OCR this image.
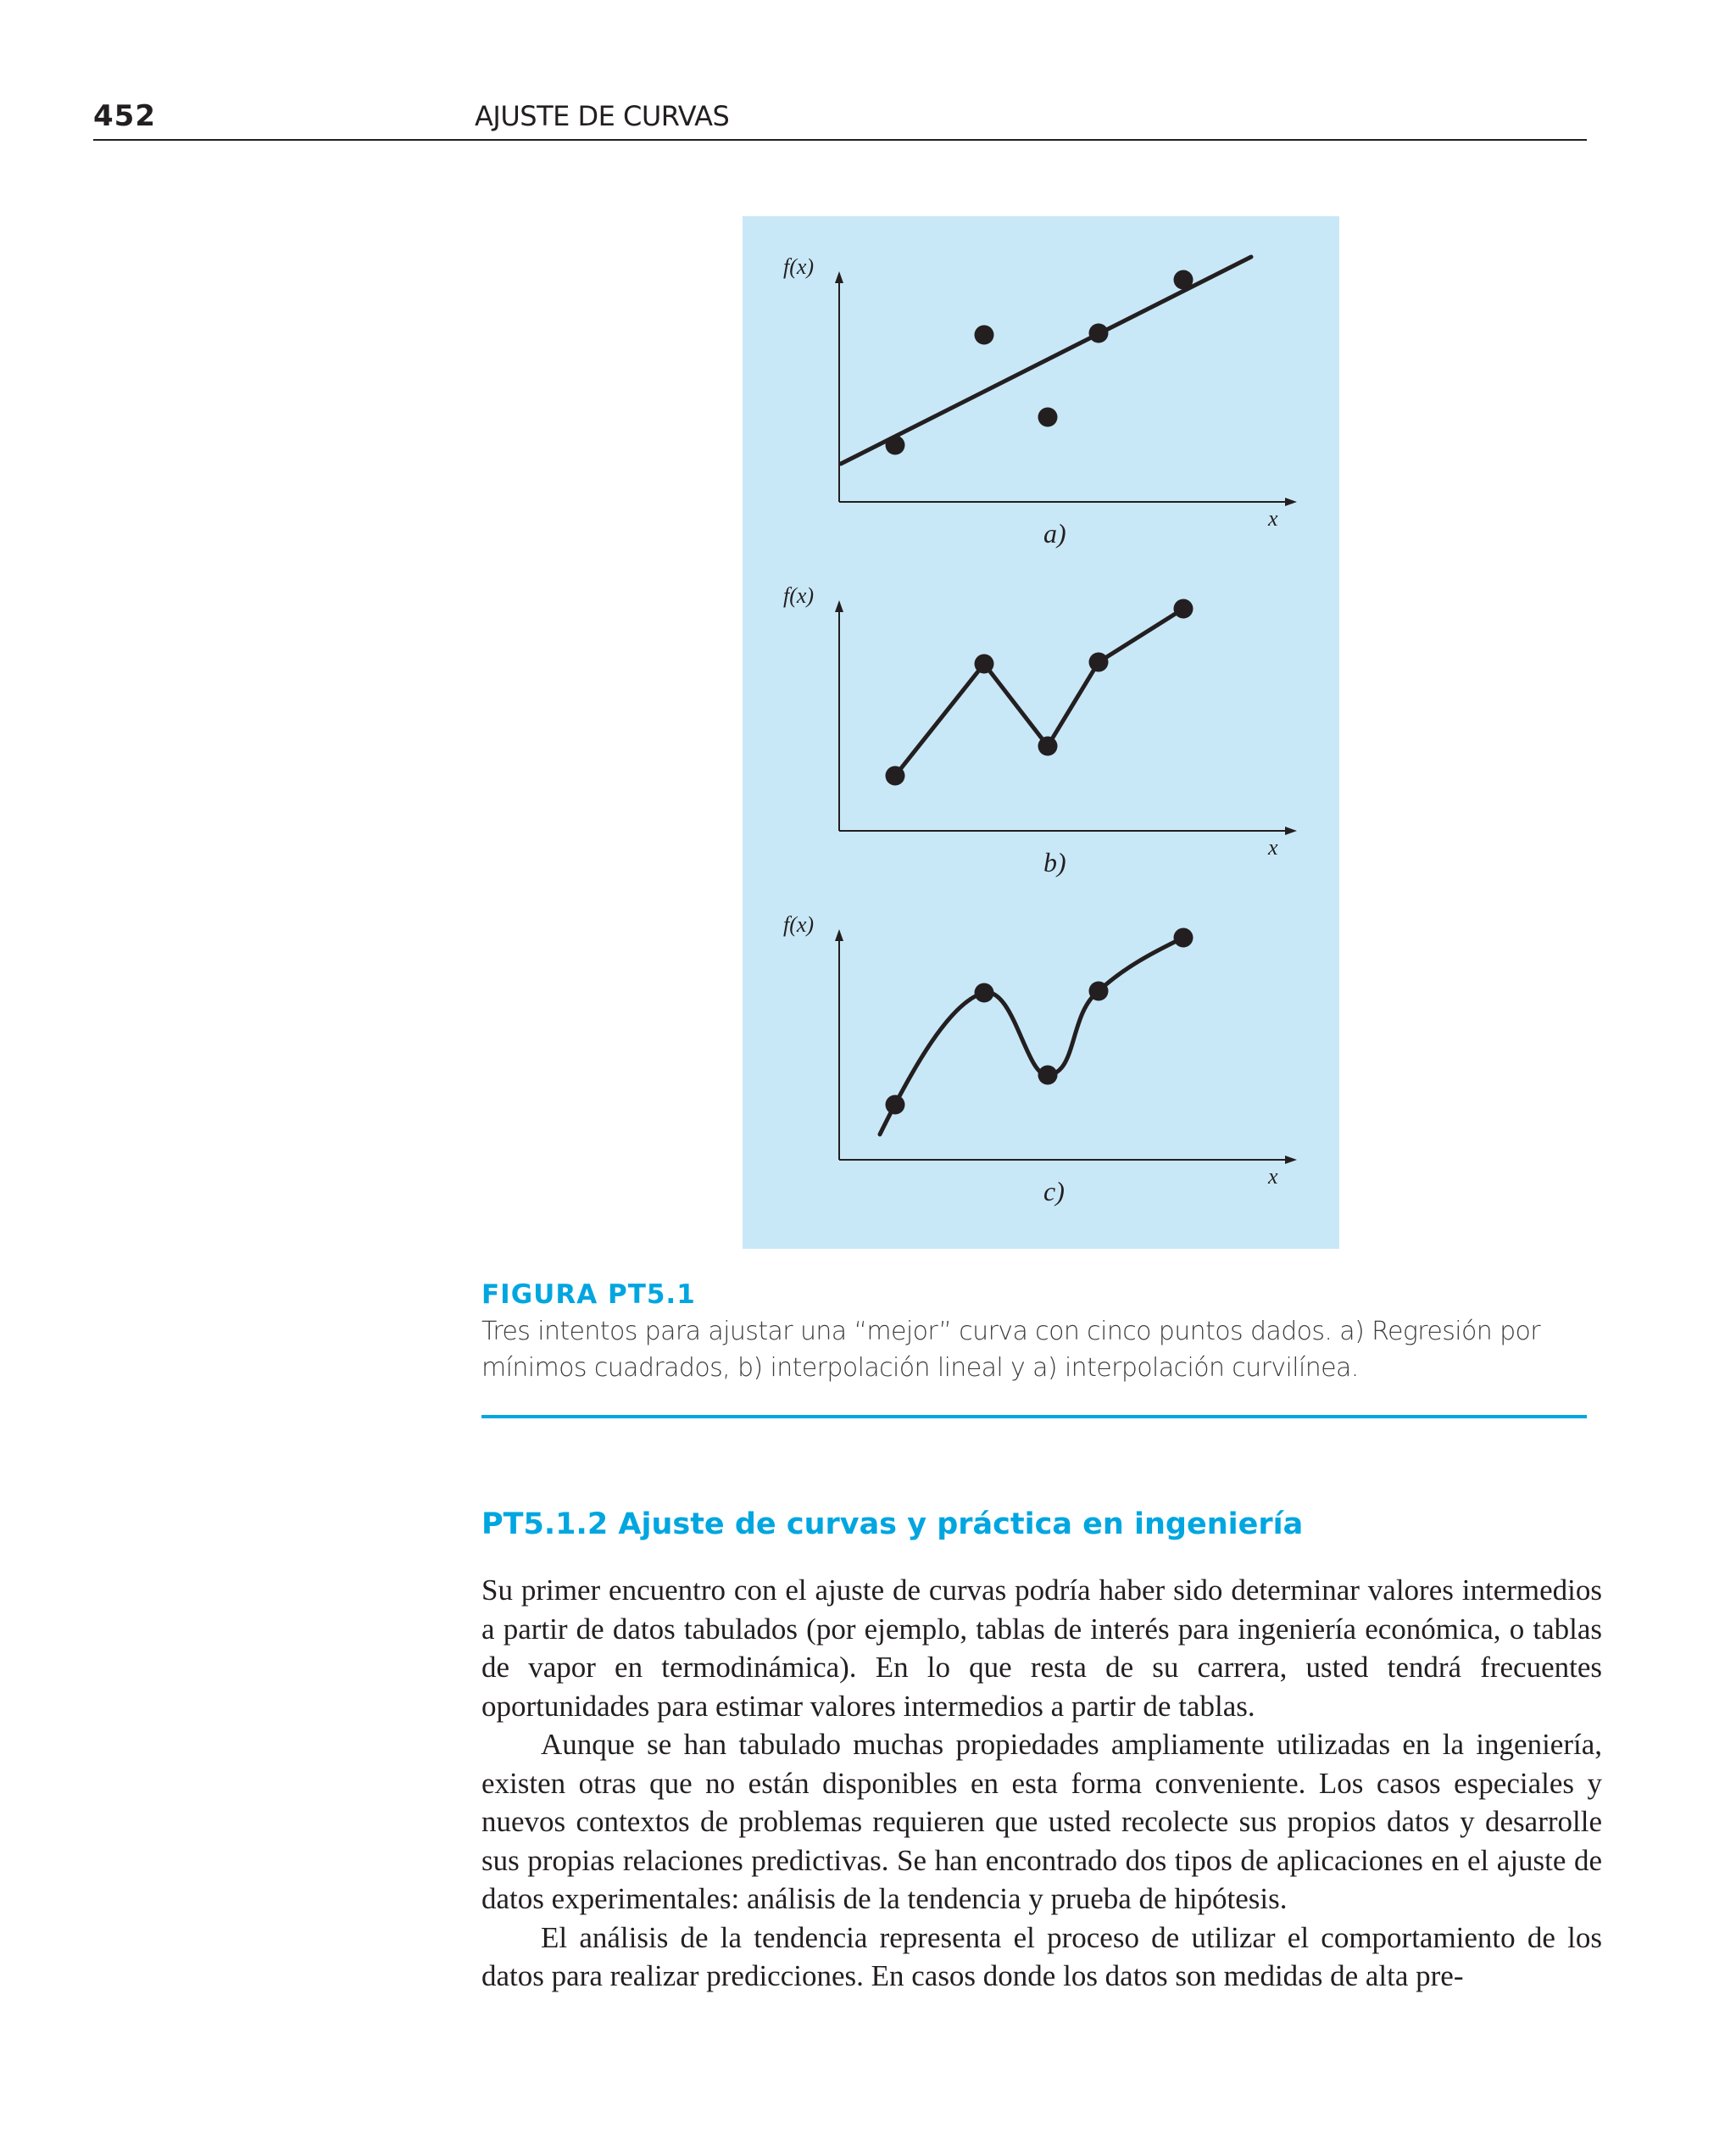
452	AJUSTE DE CURVAS
f(x)
x
a)
f(x)
x
b)
f(x)
x
c)
FIGURA PT5.1
Tres intentos para ajustar una “mejor” curva con cinco puntos dados. a) Regresión por
mínimos cuadrados, b) interpolación lineal y a) interpolación curvilínea.
PT5.1.2 Ajuste de curvas y práctica en ingeniería

Su primer encuentro con el ajuste de curvas podría haber sido determinar valores intermedios a partir de datos tabulados (por ejemplo, tablas de interés para ingeniería económica, o tablas de vapor en termodinámica). En lo que resta de su carrera, usted tendrá frecuentes oportunidades para estimar valores intermedios a partir de tablas.

Aunque se han tabulado muchas propiedades ampliamente utilizadas en la ingeniería, existen otras que no están disponibles en esta forma conveniente. Los casos especiales y nuevos contextos de problemas requieren que usted recolecte sus propios datos y desarrolle sus propias relaciones predictivas. Se han encontrado dos tipos de aplicaciones en el ajuste de datos experimentales: análisis de la tendencia y prueba de hipótesis.

El análisis de la tendencia representa el proceso de utilizar el comportamiento de los datos para realizar predicciones. En casos donde los datos son medidas de alta pre-
